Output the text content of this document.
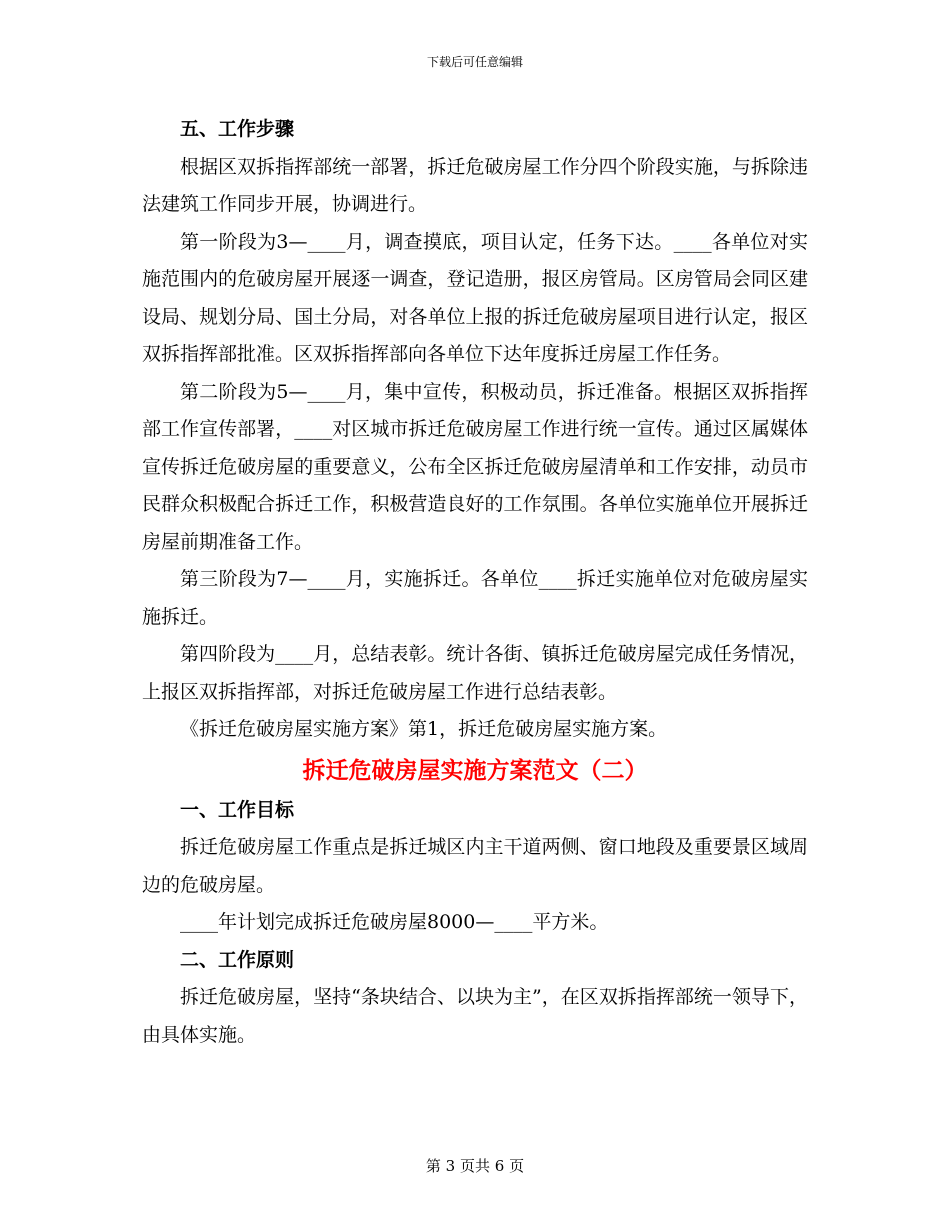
下载后可任意编辑

五、工作步骤

根据区双拆指挥部统一部署，拆迁危破房屋工作分四个阶段实施，与拆除违法建筑工作同步开展，协调进行。

第一阶段为3—____月，调查摸底，项目认定，任务下达。____各单位对实施范围内的危破房屋开展逐一调查，登记造册，报区房管局。区房管局会同区建设局、规划分局、国土分局，对各单位上报的拆迁危破房屋项目进行认定，报区双拆指挥部批准。区双拆指挥部向各单位下达年度拆迁房屋工作任务。

第二阶段为5—____月，集中宣传，积极动员，拆迁准备。根据区双拆指挥部工作宣传部署，____对区城市拆迁危破房屋工作进行统一宣传。通过区属媒体宣传拆迁危破房屋的重要意义，公布全区拆迁危破房屋清单和工作安排，动员市民群众积极配合拆迁工作，积极营造良好的工作氛围。各单位实施单位开展拆迁房屋前期准备工作。

第三阶段为7—____月，实施拆迁。各单位____拆迁实施单位对危破房屋实施拆迁。

第四阶段为____月，总结表彰。统计各街、镇拆迁危破房屋完成任务情况，上报区双拆指挥部，对拆迁危破房屋工作进行总结表彰。

《拆迁危破房屋实施方案》第1，拆迁危破房屋实施方案。

拆迁危破房屋实施方案范文（二）

一、工作目标

拆迁危破房屋工作重点是拆迁城区内主干道两侧、窗口地段及重要景区域周边的危破房屋。

____年计划完成拆迁危破房屋8000—____平方米。

二、工作原则

拆迁危破房屋，坚持“条块结合、以块为主”，在区双拆指挥部统一领导下，由具体实施。

第 3 页共 6 页
